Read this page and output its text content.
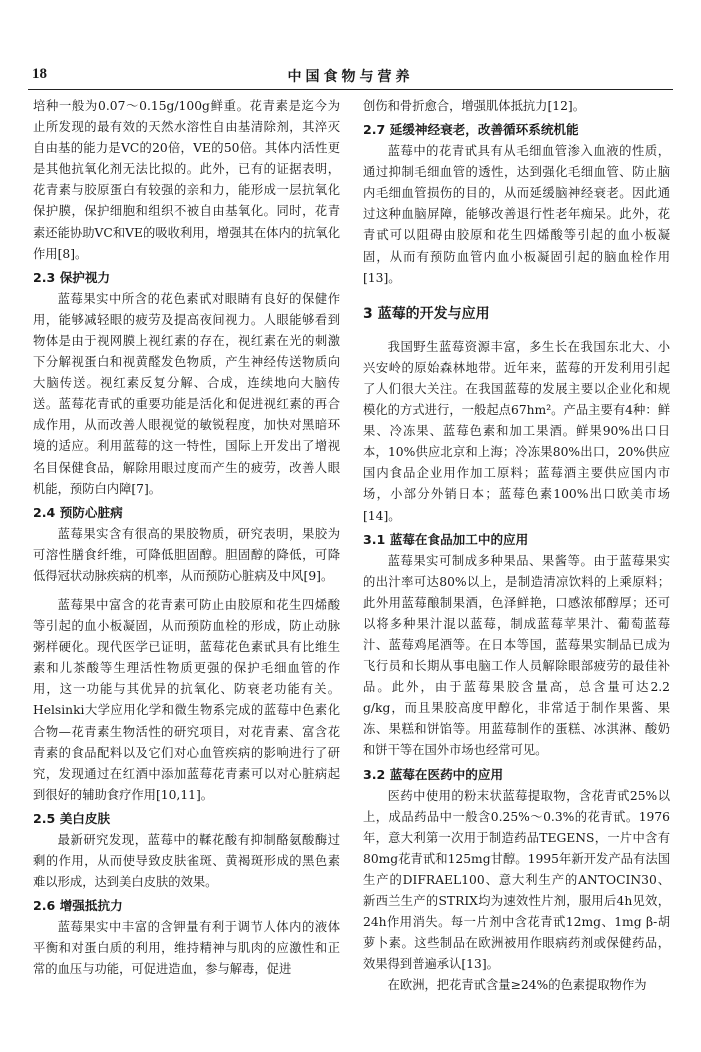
18	中国食物与营养

培种一般为0.07～0.15g/100g鲜重。花青素是迄今为止所发现的最有效的天然水溶性自由基清除剂，其淬灭自由基的能力是VC的20倍，VE的50倍。其体内活性更是其他抗氧化剂无法比拟的。此外，已有的证据表明，花青素与胶原蛋白有较强的亲和力，能形成一层抗氧化保护膜，保护细胞和组织不被自由基氧化。同时，花青素还能协助VC和VE的吸收利用，增强其在体内的抗氧化作用[8]。

2.3 保护视力

蓝莓果实中所含的花色素甙对眼睛有良好的保健作用，能够减轻眼的疲劳及提高夜间视力。人眼能够看到物体是由于视网膜上视红素的存在，视红素在光的刺激下分解视蛋白和视黄醛发色物质，产生神经传送物质向大脑传送。视红素反复分解、合成，连续地向大脑传送。蓝莓花青甙的重要功能是活化和促进视红素的再合成作用，从而改善人眼视觉的敏锐程度，加快对黑暗环境的适应。利用蓝莓的这一特性，国际上开发出了增视名目保健食品，解除用眼过度而产生的疲劳，改善人眼机能，预防白内障[7]。

2.4 预防心脏病

蓝莓果实含有很高的果胶物质，研究表明，果胶为可溶性膳食纤维，可降低胆固醇。胆固醇的降低，可降低得冠状动脉疾病的机率，从而预防心脏病及中风[9]。

蓝莓果中富含的花青素可防止由胶原和花生四烯酸等引起的血小板凝固，从而预防血栓的形成，防止动脉粥样硬化。现代医学已证明，蓝莓花色素甙具有比维生素和儿茶酸等生理活性物质更强的保护毛细血管的作用，这一功能与其优异的抗氧化、防衰老功能有关。Helsinki大学应用化学和微生物系完成的蓝莓中色素化合物—花青素生物活性的研究项目，对花青素、富含花青素的食品配料以及它们对心血管疾病的影响进行了研究，发现通过在红酒中添加蓝莓花青素可以对心脏病起到很好的辅助食疗作用[10,11]。

2.5 美白皮肤

最新研究发现，蓝莓中的鞣花酸有抑制酪氨酸酶过剩的作用，从而使导致皮肤雀斑、黄褐斑形成的黑色素难以形成，达到美白皮肤的效果。

2.6 增强抵抗力

蓝莓果实中丰富的含钾量有利于调节人体内的液体平衡和对蛋白质的利用，维持精神与肌肉的应激性和正常的血压与功能，可促进造血，参与解毒，促进

创伤和骨折愈合，增强肌体抵抗力[12]。

2.7 延缓神经衰老，改善循环系统机能

蓝莓中的花青甙具有从毛细血管渗入血液的性质，通过抑制毛细血管的透性，达到强化毛细血管、防止脑内毛细血管损伤的目的，从而延缓脑神经衰老。因此通过这种血脑屏障，能够改善退行性老年痴呆。此外，花青甙可以阻碍由胶原和花生四烯酸等引起的血小板凝固，从而有预防血管内血小板凝固引起的脑血栓作用[13]。

3 蓝莓的开发与应用

我国野生蓝莓资源丰富，多生长在我国东北大、小兴安岭的原始森林地带。近年来，蓝莓的开发利用引起了人们很大关注。在我国蓝莓的发展主要以企业化和规模化的方式进行，一般起点67hm²。产品主要有4种：鲜果、冷冻果、蓝莓色素和加工果酒。鲜果90%出口日本，10%供应北京和上海；冷冻果80%出口，20%供应国内食品企业用作加工原料；蓝莓酒主要供应国内市场，小部分外销日本；蓝莓色素100%出口欧美市场[14]。

3.1 蓝莓在食品加工中的应用

蓝莓果实可制成多种果品、果酱等。由于蓝莓果实的出汁率可达80%以上，是制造清凉饮料的上乘原料；此外用蓝莓酿制果酒，色泽鲜艳，口感浓郁醇厚；还可以将多种果汁混以蓝莓，制成蓝莓苹果汁、葡萄蓝莓汁、蓝莓鸡尾酒等。在日本等国，蓝莓果实制品已成为飞行员和长期从事电脑工作人员解除眼部疲劳的最佳补品。此外，由于蓝莓果胶含量高，总含量可达2.2 g/kg，而且果胶高度甲醇化，非常适于制作果酱、果冻、果糕和饼馅等。用蓝莓制作的蛋糕、冰淇淋、酸奶和饼干等在国外市场也经常可见。

3.2 蓝莓在医药中的应用

医药中使用的粉末状蓝莓提取物，含花青甙25%以上，成品药品中一般含0.25%～0.3%的花青甙。1976年，意大利第一次用于制造药品TEGENS，一片中含有80mg花青甙和125mg甘醇。1995年新开发产品有法国生产的DIFRAEL100、意大利生产的ANTOCIN30、新西兰生产的STRIX均为速效性片剂，服用后4h见效，24h作用消失。每一片剂中含花青甙12mg、1mg β-胡萝卜素。这些制品在欧洲被用作眼病药剂或保健药品，效果得到普遍承认[13]。

在欧洲，把花青甙含量≥24%的色素提取物作为
